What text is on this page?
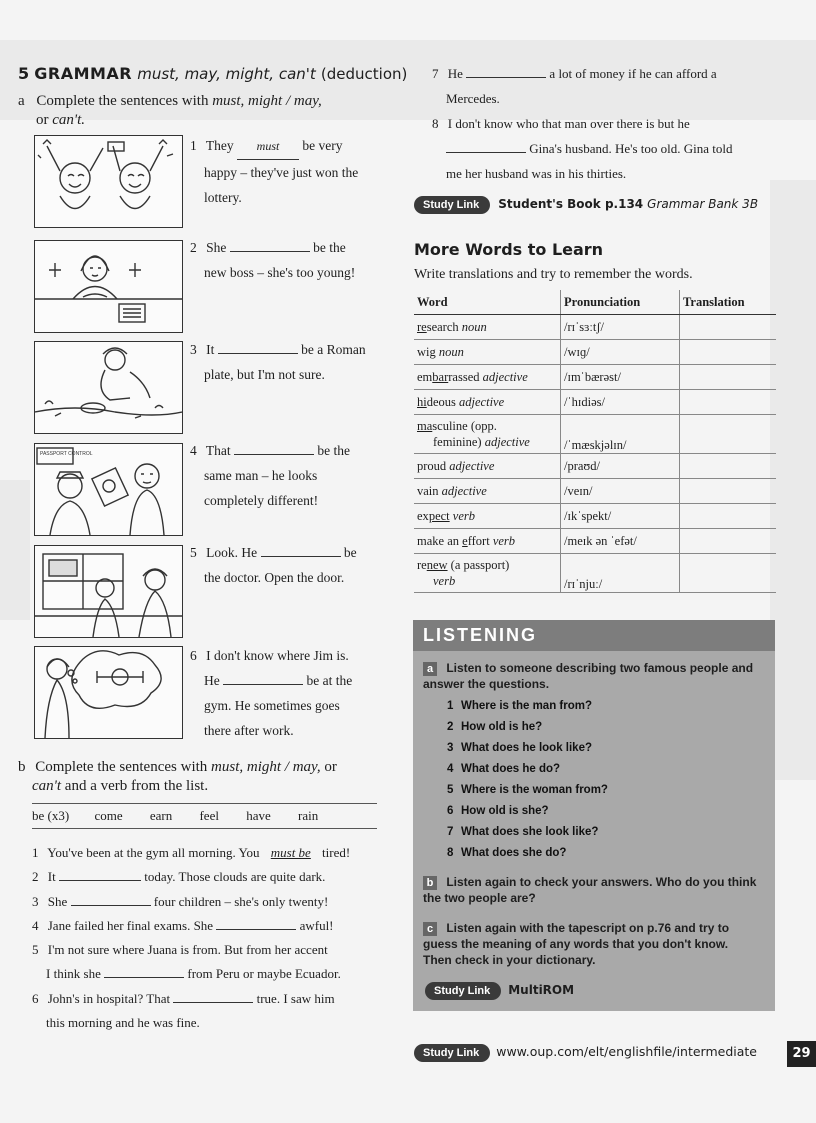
5 GRAMMAR must, may, might, can't (deduction)
a Complete the sentences with must, might / may,
or can't.
PASSPORT CONTROL
1 They must be very
happy – they've just won the
lottery.
2 She	be the
new boss – she's too young!
3 It	be a Roman
plate, but I'm not sure.
4 That	be the
same man – he looks
completely different!
5 Look. He	be
the doctor. Open the door.
6 I don't know where Jim is.
He	be at the
gym. He sometimes goes
there after work.
b Complete the sentences with must, might / may, or
can't and a verb from the list.
be (x3) come earn feel have rain
1 You've been at the gym all morning. You must be tired!
2 It	today. Those clouds are quite dark.
3 She	four children – she's only twenty!
4 Jane failed her final exams. She	awful!
5 I'm not sure where Juana is from. But from her accent
I think she	from Peru or maybe Ecuador.
6 John's in hospital? That	true. I saw him
this morning and he was fine.
7 He	a lot of money if he can afford a
Mercedes.
8 I don't know who that man over there is but he
Gina's husband. He's too old. Gina told
me her husband was in his thirties.
Study Link Student's Book p.134 Grammar Bank 3B
More Words to Learn
Write translations and try to remember the words.
Word	Pronunciation	Translation
research noun	/rɪˈsɜːtʃ/	
wig noun	/wɪɡ/	
embarrassed adjective	/ɪmˈbærəst/	
hideous adjective	/ˈhɪdiəs/	
masculine (opp.
feminine) adjective	/ˈmæskjəlɪn/	
proud adjective	/praʊd/	
vain adjective	/veɪn/	
expect verb	/ɪkˈspekt/	
make an effort verb	/meɪk ən ˈefət/	
renew (a passport)
verb	/rɪˈnjuː/	
LISTENING
a Listen to someone describing two famous people and answer the questions.
1 Where is the man from?
2 How old is he?
3 What does he look like?
4 What does he do?
5 Where is the woman from?
6 How old is she?
7 What does she look like?
8 What does she do?
b Listen again to check your answers. Who do you think the two people are?
c Listen again with the tapescript on p.76 and try to guess the meaning of any words that you don't know. Then check in your dictionary.
Study Link MultiROM
Study Link www.oup.com/elt/englishfile/intermediate	29
